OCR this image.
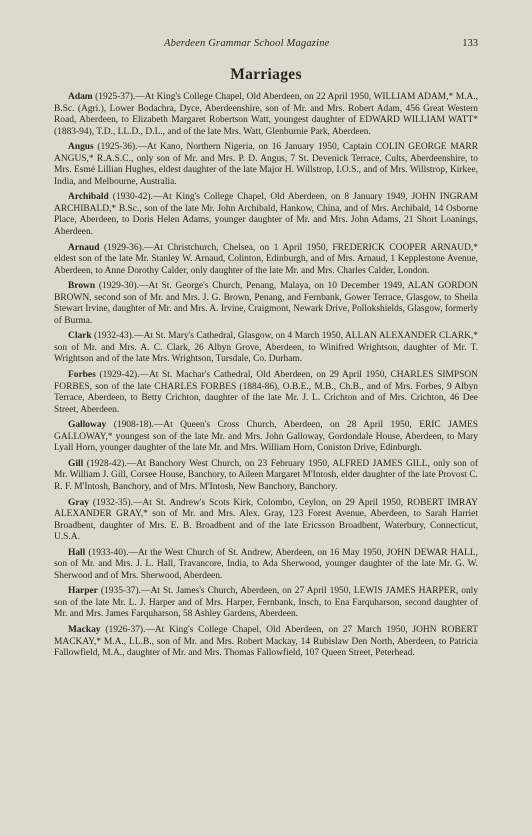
Aberdeen Grammar School Magazine	133
Marriages

Adam (1925-37).—At King's College Chapel, Old Aberdeen, on 22 April 1950, WILLIAM ADAM,* M.A., B.Sc. (Agri.), Lower Bodachra, Dyce, Aberdeenshire, son of Mr. and Mrs. Robert Adam, 456 Great Western Road, Aberdeen, to Elizabeth Margaret Robertson Watt, youngest daughter of EDWARD WILLIAM WATT* (1883-94), T.D., LL.D., D.L., and of the late Mrs. Watt, Glenburnie Park, Aberdeen.

Angus (1925-36).—At Kano, Northern Nigeria, on 16 January 1950, Captain COLIN GEORGE MARR ANGUS,* R.A.S.C., only son of Mr. and Mrs. P. D. Angus, 7 St. Devenick Terrace, Cults, Aberdeenshire, to Mrs. Esmé Lillian Hughes, eldest daughter of the late Major H. Willstrop, I.O.S., and of Mrs. Willstrop, Kirkee, India, and Melbourne, Australia.

Archibald (1930-42).—At King's College Chapel, Old Aberdeen, on 8 January 1949, JOHN INGRAM ARCHIBALD,* B.Sc., son of the late Mr. John Archibald, Hankow, China, and of Mrs. Archibald, 14 Osborne Place, Aberdeen, to Doris Helen Adams, younger daughter of Mr. and Mrs. John Adams, 21 Short Loanings, Aberdeen.

Arnaud (1929-36).—At Christchurch, Chelsea, on 1 April 1950, FREDERICK COOPER ARNAUD,* eldest son of the late Mr. Stanley W. Arnaud, Colinton, Edinburgh, and of Mrs. Arnaud, 1 Kepplestone Avenue, Aberdeen, to Anne Dorothy Calder, only daughter of the late Mr. and Mrs. Charles Calder, London.

Brown (1929-30).—At St. George's Church, Penang, Malaya, on 10 December 1949, ALAN GORDON BROWN, second son of Mr. and Mrs. J. G. Brown, Penang, and Fernbank, Gower Terrace, Glasgow, to Sheila Stewart Irvine, daughter of Mr. and Mrs. A. Irvine, Craigmont, Newark Drive, Pollokshields, Glasgow, formerly of Burma.

Clark (1932-43).—At St. Mary's Cathedral, Glasgow, on 4 March 1950, ALLAN ALEXANDER CLARK,* son of Mr. and Mrs. A. C. Clark, 26 Albyn Grove, Aberdeen, to Winifred Wrightson, daughter of Mr. T. Wrightson and of the late Mrs. Wrightson, Tursdale, Co. Durham.

Forbes (1929-42).—At St. Machar's Cathedral, Old Aberdeen, on 29 April 1950, CHARLES SIMPSON FORBES, son of the late CHARLES FORBES (1884-86), O.B.E., M.B., Ch.B., and of Mrs. Forbes, 9 Albyn Terrace, Aberdeen, to Betty Crichton, daughter of the late Mr. J. L. Crichton and of Mrs. Crichton, 46 Dee Street, Aberdeen.

Galloway (1908-18).—At Queen's Cross Church, Aberdeen, on 28 April 1950, ERIC JAMES GALLOWAY,* youngest son of the late Mr. and Mrs. John Galloway, Gordondale House, Aberdeen, to Mary Lyall Horn, younger daughter of the late Mr. and Mrs. William Horn, Coniston Drive, Edinburgh.

Gill (1928-42).—At Banchory West Church, on 23 February 1950, ALFRED JAMES GILL, only son of Mr. William J. Gill, Corsee House, Banchory, to Aileen Margaret M'Intosh, elder daughter of the late Provost C. R. F. M'Intosh, Banchory, and of Mrs. M'Intosh, New Banchory, Banchory.

Gray (1932-35).—At St. Andrew's Scots Kirk, Colombo, Ceylon, on 29 April 1950, ROBERT IMRAY ALEXANDER GRAY,* son of Mr. and Mrs. Alex. Gray, 123 Forest Avenue, Aberdeen, to Sarah Harriet Broadbent, daughter of Mrs. E. B. Broadbent and of the late Ericsson Broadbent, Waterbury, Connecticut, U.S.A.

Hall (1933-40).—At the West Church of St. Andrew, Aberdeen, on 16 May 1950, JOHN DEWAR HALL, son of Mr. and Mrs. J. L. Hall, Travancore, India, to Ada Sherwood, younger daughter of the late Mr. G. W. Sherwood and of Mrs. Sherwood, Aberdeen.

Harper (1935-37).—At St. James's Church, Aberdeen, on 27 April 1950, LEWIS JAMES HARPER, only son of the late Mr. L. J. Harper and of Mrs. Harper, Fernbank, Insch, to Ena Farquharson, second daughter of Mr. and Mrs. James Farquharson, 58 Ashley Gardens, Aberdeen.

Mackay (1926-37).—At King's College Chapel, Old Aberdeen, on 27 March 1950, JOHN ROBERT MACKAY,* M.A., LL.B., son of Mr. and Mrs. Robert Mackay, 14 Rubislaw Den North, Aberdeen, to Patricia Fallowfield, M.A., daughter of Mr. and Mrs. Thomas Fallowfield, 107 Queen Street, Peterhead.
